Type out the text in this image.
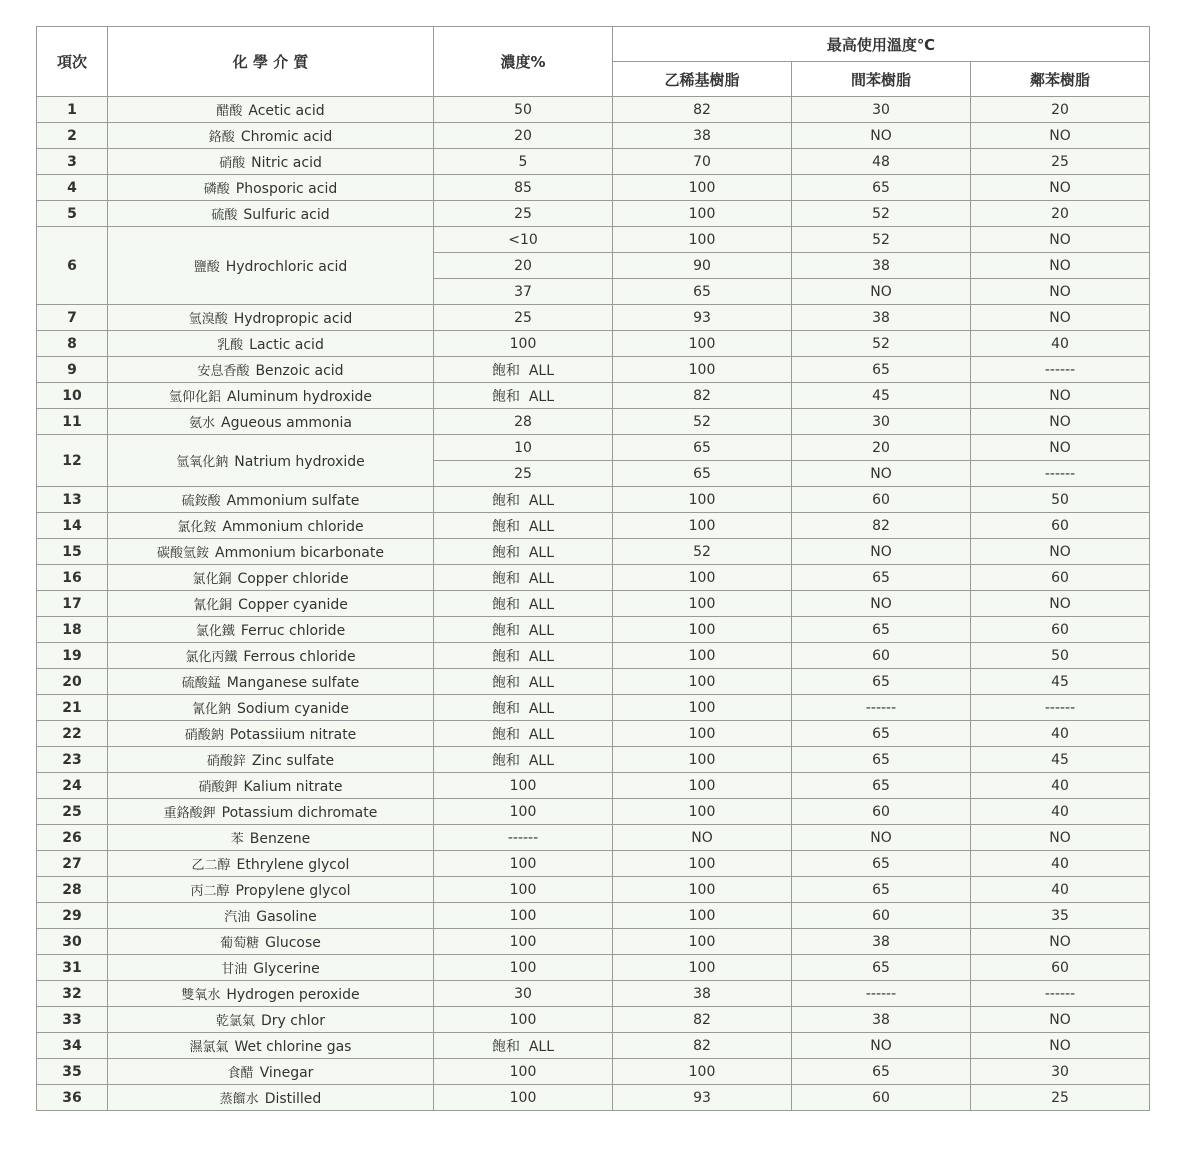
項次	化 學 介 質	濃度%	最高使用溫度℃		
			乙稀基樹脂	間苯樹脂	鄰苯樹脂
1	醋酸 Acetic acid	50	82	30	20
2	鉻酸 Chromic acid	20	38	NO	NO
3	硝酸 Nitric acid	5	70	48	25
4	磷酸 Phosporic acid	85	100	65	NO
5	硫酸 Sulfuric acid	25	100	52	20
6	鹽酸 Hydrochloric acid	<10	100	52	NO
		20	90	38	NO
		37	65	NO	NO
7	氫溴酸 Hydropropic acid	25	93	38	NO
8	乳酸 Lactic acid	100	100	52	40
9	安息香酸 Benzoic acid	飽和  ALL	100	65	------
10	氫仰化鋁 Aluminum hydroxide	飽和  ALL	82	45	NO
11	氨水 Agueous ammonia	28	52	30	NO
12	氫氧化鈉 Natrium hydroxide	10	65	20	NO
		25	65	NO	------
13	硫銨酸 Ammonium sulfate	飽和  ALL	100	60	50
14	氯化銨 Ammonium chloride	飽和  ALL	100	82	60
15	碳酸氫銨 Ammonium bicarbonate	飽和  ALL	52	NO	NO
16	氯化銅 Copper chloride	飽和  ALL	100	65	60
17	氰化銅 Copper cyanide	飽和  ALL	100	NO	NO
18	氯化鐵 Ferruc chloride	飽和  ALL	100	65	60
19	氯化丙鐵 Ferrous chloride	飽和  ALL	100	60	50
20	硫酸錳 Manganese sulfate	飽和  ALL	100	65	45
21	氰化鈉 Sodium cyanide	飽和  ALL	100	------	------
22	硝酸鈉 Potassiium nitrate	飽和  ALL	100	65	40
23	硝酸鋅 Zinc sulfate	飽和  ALL	100	65	45
24	硝酸鉀 Kalium nitrate	100	100	65	40
25	重鉻酸鉀 Potassium dichromate	100	100	60	40
26	苯 Benzene	------	NO	NO	NO
27	乙二醇 Ethrylene glycol	100	100	65	40
28	丙二醇 Propylene glycol	100	100	65	40
29	汽油 Gasoline	100	100	60	35
30	葡萄糖 Glucose	100	100	38	NO
31	甘油 Glycerine	100	100	65	60
32	雙氧水 Hydrogen peroxide	30	38	------	------
33	乾氯氣 Dry chlor	100	82	38	NO
34	濕氯氣 Wet chlorine gas	飽和  ALL	82	NO	NO
35	食醋 Vinegar	100	100	65	30
36	蒸餾水 Distilled	100	93	60	25
